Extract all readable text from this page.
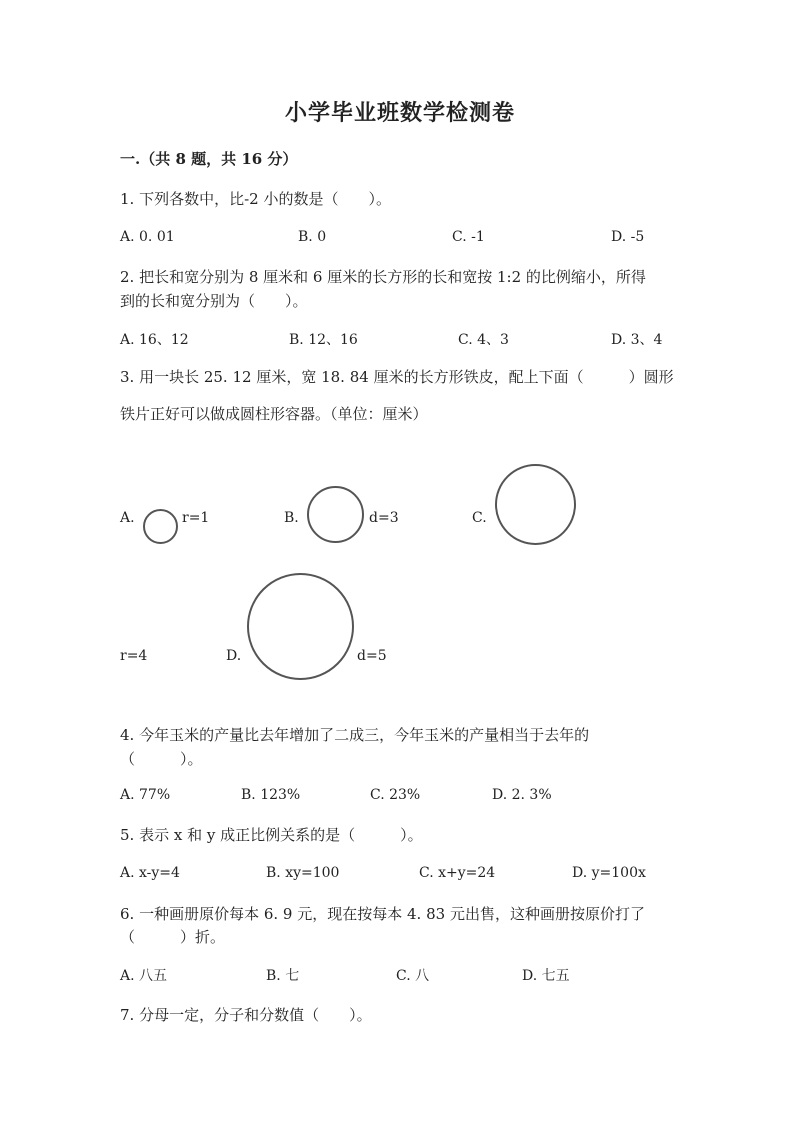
小学毕业班数学检测卷
一.（共 8 题，共 16 分）
1. 下列各数中，比-2 小的数是（　　）。
A. 0. 01	B. 0	C. -1	D. -5
2. 把长和宽分别为 8 厘米和 6 厘米的长方形的长和宽按 1:2 的比例缩小，所得
到的长和宽分别为（　　）。
A. 16、12	B. 12、16	C. 4、3	D. 3、4
3. 用一块长 25. 12 厘米，宽 18. 84 厘米的长方形铁皮，配上下面（　　　）圆形
铁片正好可以做成圆柱形容器。（单位：厘米）
A.	r=1	B.	d=3	C.
r=4	D.	d=5
4. 今年玉米的产量比去年增加了二成三，今年玉米的产量相当于去年的
（　　　）。
A. 77%	B. 123%	C. 23%	D. 2. 3%
5. 表示 x 和 y 成正比例关系的是（　　　）。
A. x-y=4	B. xy=100	C. x+y=24	D. y=100x
6. 一种画册原价每本 6. 9 元，现在按每本 4. 83 元出售，这种画册按原价打了
（　　　）折。
A. 八五	B. 七	C. 八	D. 七五
7. 分母一定，分子和分数值（　　）。
